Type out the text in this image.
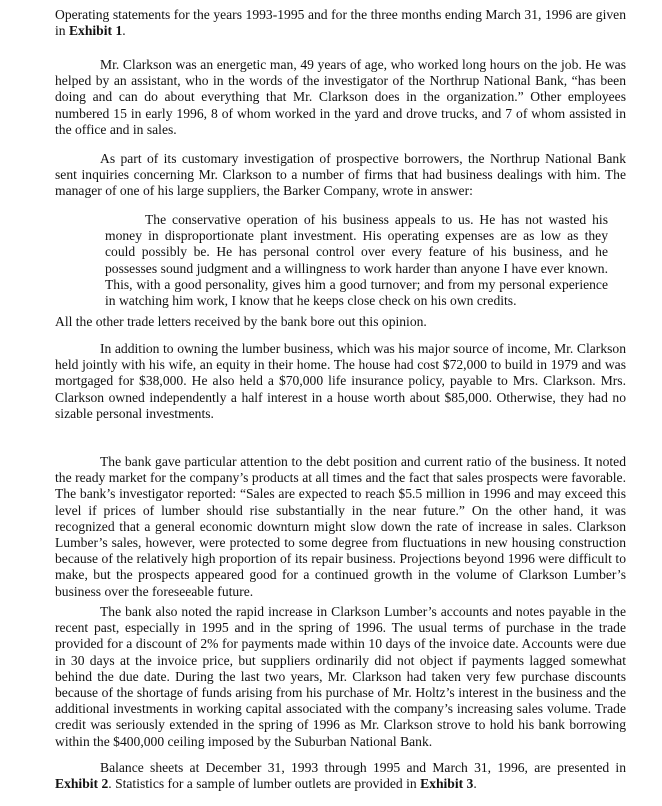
Operating statements for the years 1993-1995 and for the three months ending March 31, 1996 are given in Exhibit 1.

Mr. Clarkson was an energetic man, 49 years of age, who worked long hours on the job. He was helped by an assistant, who in the words of the investigator of the Northrup National Bank, “has been doing and can do about everything that Mr. Clarkson does in the organization.” Other employees numbered 15 in early 1996, 8 of whom worked in the yard and drove trucks, and 7 of whom assisted in the office and in sales.

As part of its customary investigation of prospective borrowers, the Northrup National Bank sent inquiries concerning Mr. Clarkson to a number of firms that had business dealings with him. The manager of one of his large suppliers, the Barker Company, wrote in answer:

The conservative operation of his business appeals to us. He has not wasted his money in disproportionate plant investment. His operating expenses are as low as they could possibly be. He has personal control over every feature of his business, and he possesses sound judgment and a willingness to work harder than anyone I have ever known. This, with a good personality, gives him a good turnover; and from my personal experience in watching him work, I know that he keeps close check on his own credits.

All the other trade letters received by the bank bore out this opinion.

In addition to owning the lumber business, which was his major source of income, Mr. Clarkson held jointly with his wife, an equity in their home. The house had cost $72,000 to build in 1979 and was mortgaged for $38,000. He also held a $70,000 life insurance policy, payable to Mrs. Clarkson. Mrs. Clarkson owned independently a half interest in a house worth about $85,000. Otherwise, they had no sizable personal investments.

The bank gave particular attention to the debt position and current ratio of the business. It noted the ready market for the company’s products at all times and the fact that sales prospects were favorable. The bank’s investigator reported: “Sales are expected to reach $5.5 million in 1996 and may exceed this level if prices of lumber should rise substantially in the near future.” On the other hand, it was recognized that a general economic downturn might slow down the rate of increase in sales. Clarkson Lumber’s sales, however, were protected to some degree from fluctuations in new housing construction because of the relatively high proportion of its repair business. Projections beyond 1996 were difficult to make, but the prospects appeared good for a continued growth in the volume of Clarkson Lumber’s business over the foreseeable future.

The bank also noted the rapid increase in Clarkson Lumber’s accounts and notes payable in the recent past, especially in 1995 and in the spring of 1996. The usual terms of purchase in the trade provided for a discount of 2% for payments made within 10 days of the invoice date. Accounts were due in 30 days at the invoice price, but suppliers ordinarily did not object if payments lagged somewhat behind the due date. During the last two years, Mr. Clarkson had taken very few purchase discounts because of the shortage of funds arising from his purchase of Mr. Holtz’s interest in the business and the additional investments in working capital associated with the company’s increasing sales volume. Trade credit was seriously extended in the spring of 1996 as Mr. Clarkson strove to hold his bank borrowing within the $400,000 ceiling imposed by the Suburban National Bank.

Balance sheets at December 31, 1993 through 1995 and March 31, 1996, are presented in Exhibit 2. Statistics for a sample of lumber outlets are provided in Exhibit 3.
